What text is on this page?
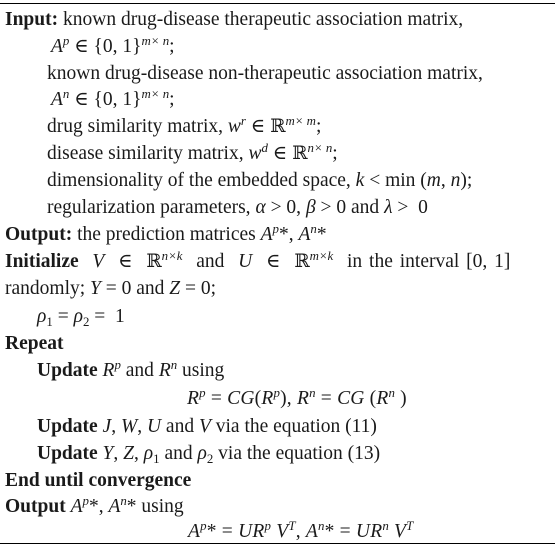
Input: known drug-disease therapeutic association matrix,
$A^p$ ∈ {0, 1}$^{m\times n}$;
known drug-disease non-therapeutic association matrix,
$A^n$ ∈ {0, 1}$^{m\times n}$;
drug similarity matrix, $w^r$ ∈ ℝ$^{m\times m}$;
disease similarity matrix, $w^d$ ∈ ℝ$^{n\times n}$;
dimensionality of the embedded space, k < min (m, n);
regularization parameters, α > 0, β > 0 and λ >  0
Output: the prediction matrices $A^p*$, $A^n*$
Initialize V  ∈  ℝ$^{n\times k}$  and  U  ∈  ℝ$^{m\times k}$ in the interval [0, 1]
randomly; Y = 0 and Z = 0;
$\rho_1 = \rho_2 = 1$
Repeat
Update $R^p$ and $R^n$ using
$R^p = CG(R^p)$, $R^n$ = CG ($R^n$ )
Update J, W, U and V via the equation (11)
Update Y, Z, $\rho_1$ and $\rho_2$ via the equation (13)
End until convergence
Output $A^p*$, $A^n*$ using
$A^p* = UR^p$ $V^T$, $A^n* = UR^n$ $V^T$
